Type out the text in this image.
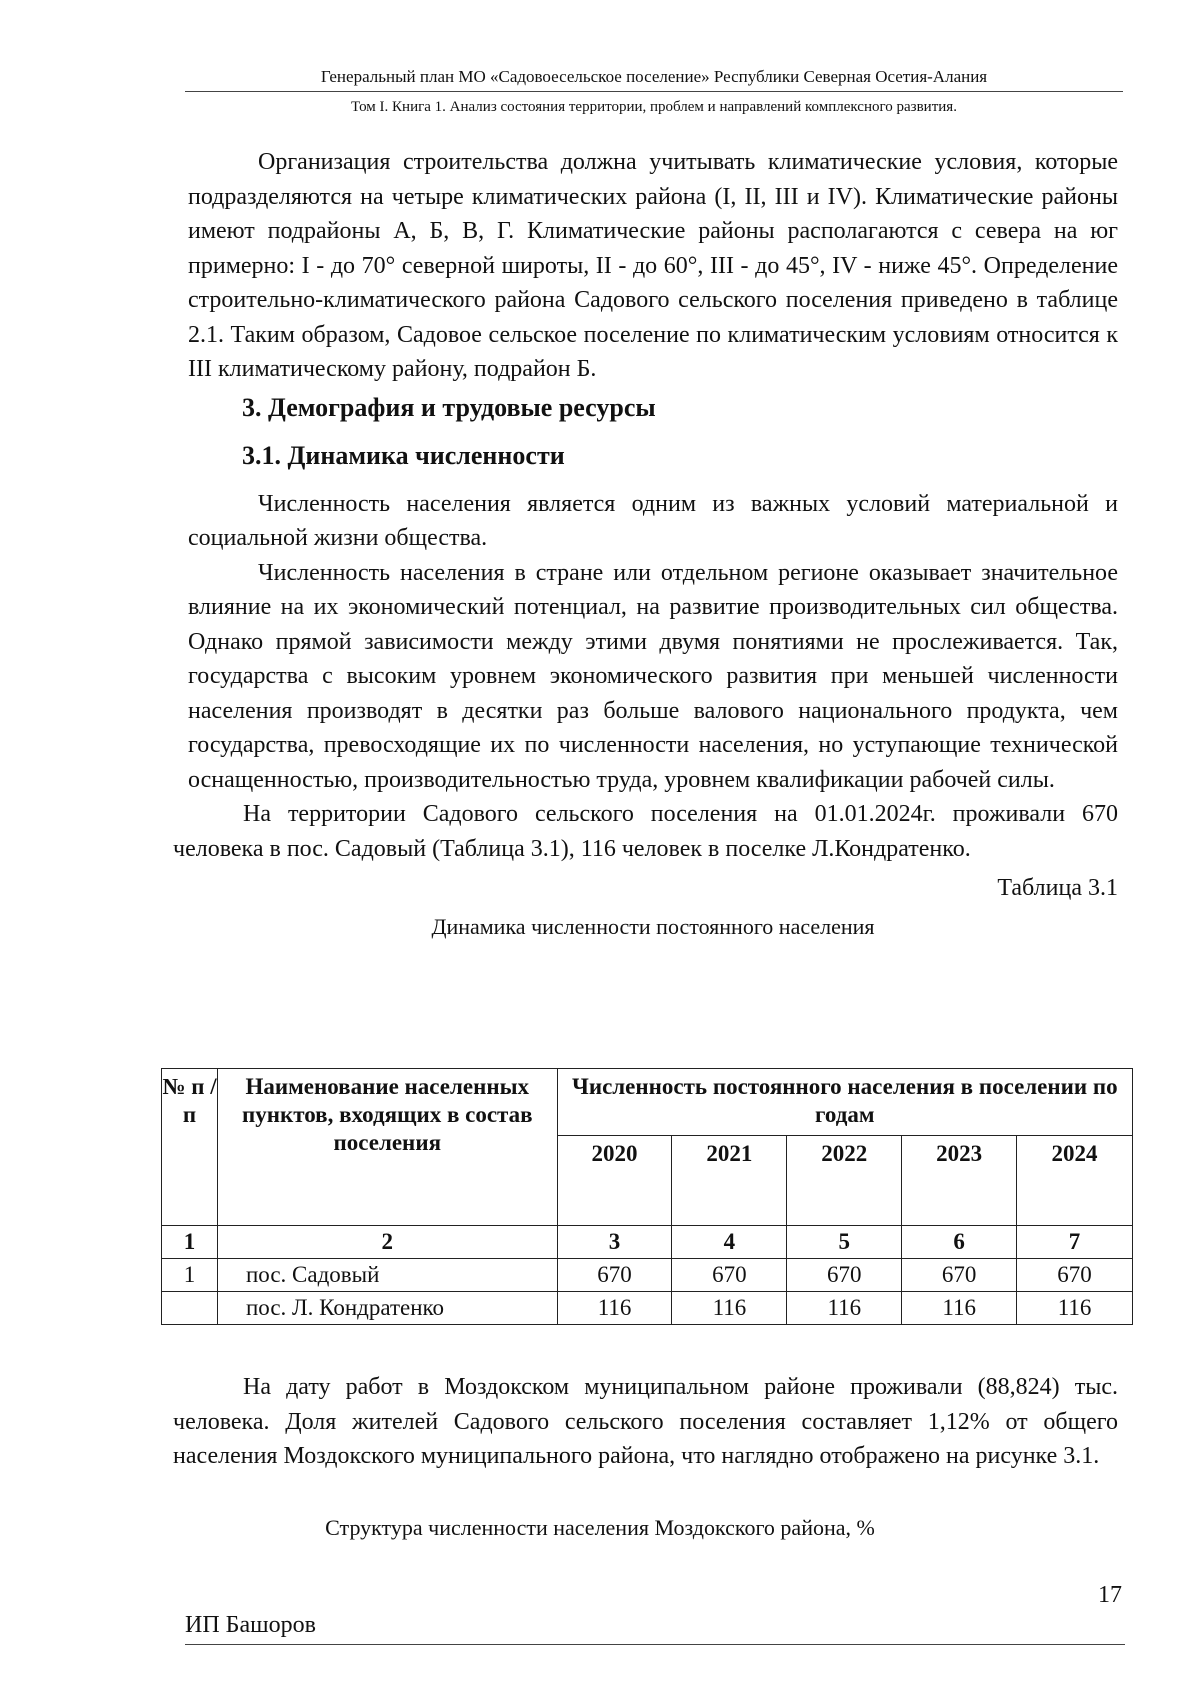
Генеральный план МО «Садовоесельское поселение» Республики Северная Осетия-Алания
Том I. Книга 1. Анализ состояния территории, проблем и направлений комплексного развития.

Организация строительства должна учитывать климатические условия, которые подразделяются на четыре климатических района (I, II, III и IV). Климатические районы имеют подрайоны А, Б, В, Г. Климатические районы располагаются с севера на юг примерно: I - до 70° северной широты, II - до 60°, III - до 45°, IV - ниже 45°. Определение строительно-климатического района Садового сельского поселения приведено в таблице 2.1. Таким образом, Садовое сельское поселение по климатическим условиям относится к III климатическому району, подрайон Б.

3. Демография и трудовые ресурсы
3.1. Динамика численности

Численность населения является одним из важных условий материальной и социальной жизни общества.

Численность населения в стране или отдельном регионе оказывает значительное влияние на их экономический потенциал, на развитие производительных сил общества. Однако прямой зависимости между этими двумя понятиями не прослеживается. Так, государства с высоким уровнем экономического развития при меньшей численности населения производят в десятки раз больше валового национального продукта, чем государства, превосходящие их по численности населения, но уступающие технической оснащенностью, производительностью труда, уровнем квалификации рабочей силы.

На территории Садового сельского поселения на 01.01.2024г. проживали 670 человека в пос. Садовый (Таблица 3.1), 116 человек в поселке Л.Кондратенко.

Таблица 3.1
Динамика численности постоянного населения
№ п / п	Наименование населенных пунктов, входящих в состав поселения	Численность постоянного населения в поселении по годам				
		2020	2021	2022	2023	2024
1	2	3	4	5	6	7
1	пос. Садовый	670	670	670	670	670
	пос. Л. Кондратенко	116	116	116	116	116

На дату работ в Моздокском муниципальном районе проживали (88,824) тыс. человека. Доля жителей Садового сельского поселения составляет 1,12% от общего населения Моздокского муниципального района, что наглядно отображено на рисунке 3.1.

Структура численности населения Моздокского района, %
17
ИП Башоров
